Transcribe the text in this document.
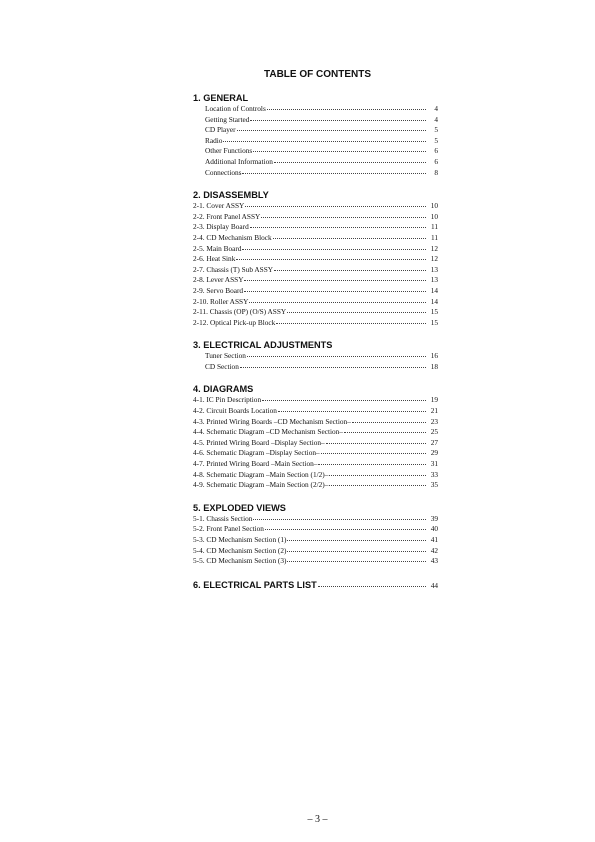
TABLE OF CONTENTS
1. GENERAL
Location of Controls	4
Getting Started	4
CD Player	5
Radio	5
Other Functions	6
Additional Information	6
Connections	8
2. DISASSEMBLY
2-1. Cover ASSY	10
2-2. Front Panel ASSY	10
2-3. Display Board	11
2-4. CD Mechanism Block	11
2-5. Main Board	12
2-6. Heat Sink	12
2-7. Chassis (T) Sub ASSY	13
2-8. Lever ASSY	13
2-9. Servo Board	14
2-10. Roller ASSY	14
2-11. Chassis (OP) (O/S) ASSY	15
2-12. Optical Pick-up Block	15
3. ELECTRICAL ADJUSTMENTS
Tuner Section	16
CD Section	18
4. DIAGRAMS
4-1. IC Pin Description	19
4-2. Circuit Boards Location	21
4-3. Printed Wiring Boards –CD Mechanism Section–	23
4-4. Schematic Diagram –CD Mechanism Section–	25
4-5. Printed Wiring Board –Display Section–	27
4-6. Schematic Diagram –Display Section–	29
4-7. Printed Wiring Board –Main Section–	31
4-8. Schematic Diagram –Main Section (1/2)–	33
4-9. Schematic Diagram –Main Section (2/2)–	35
5. EXPLODED VIEWS
5-1. Chassis Section	39
5-2. Front Panel Section	40
5-3. CD Mechanism Section (1)	41
5-4. CD Mechanism Section (2)	42
5-5. CD Mechanism Section (3)	43
6. ELECTRICAL PARTS LIST	44
– 3 –
